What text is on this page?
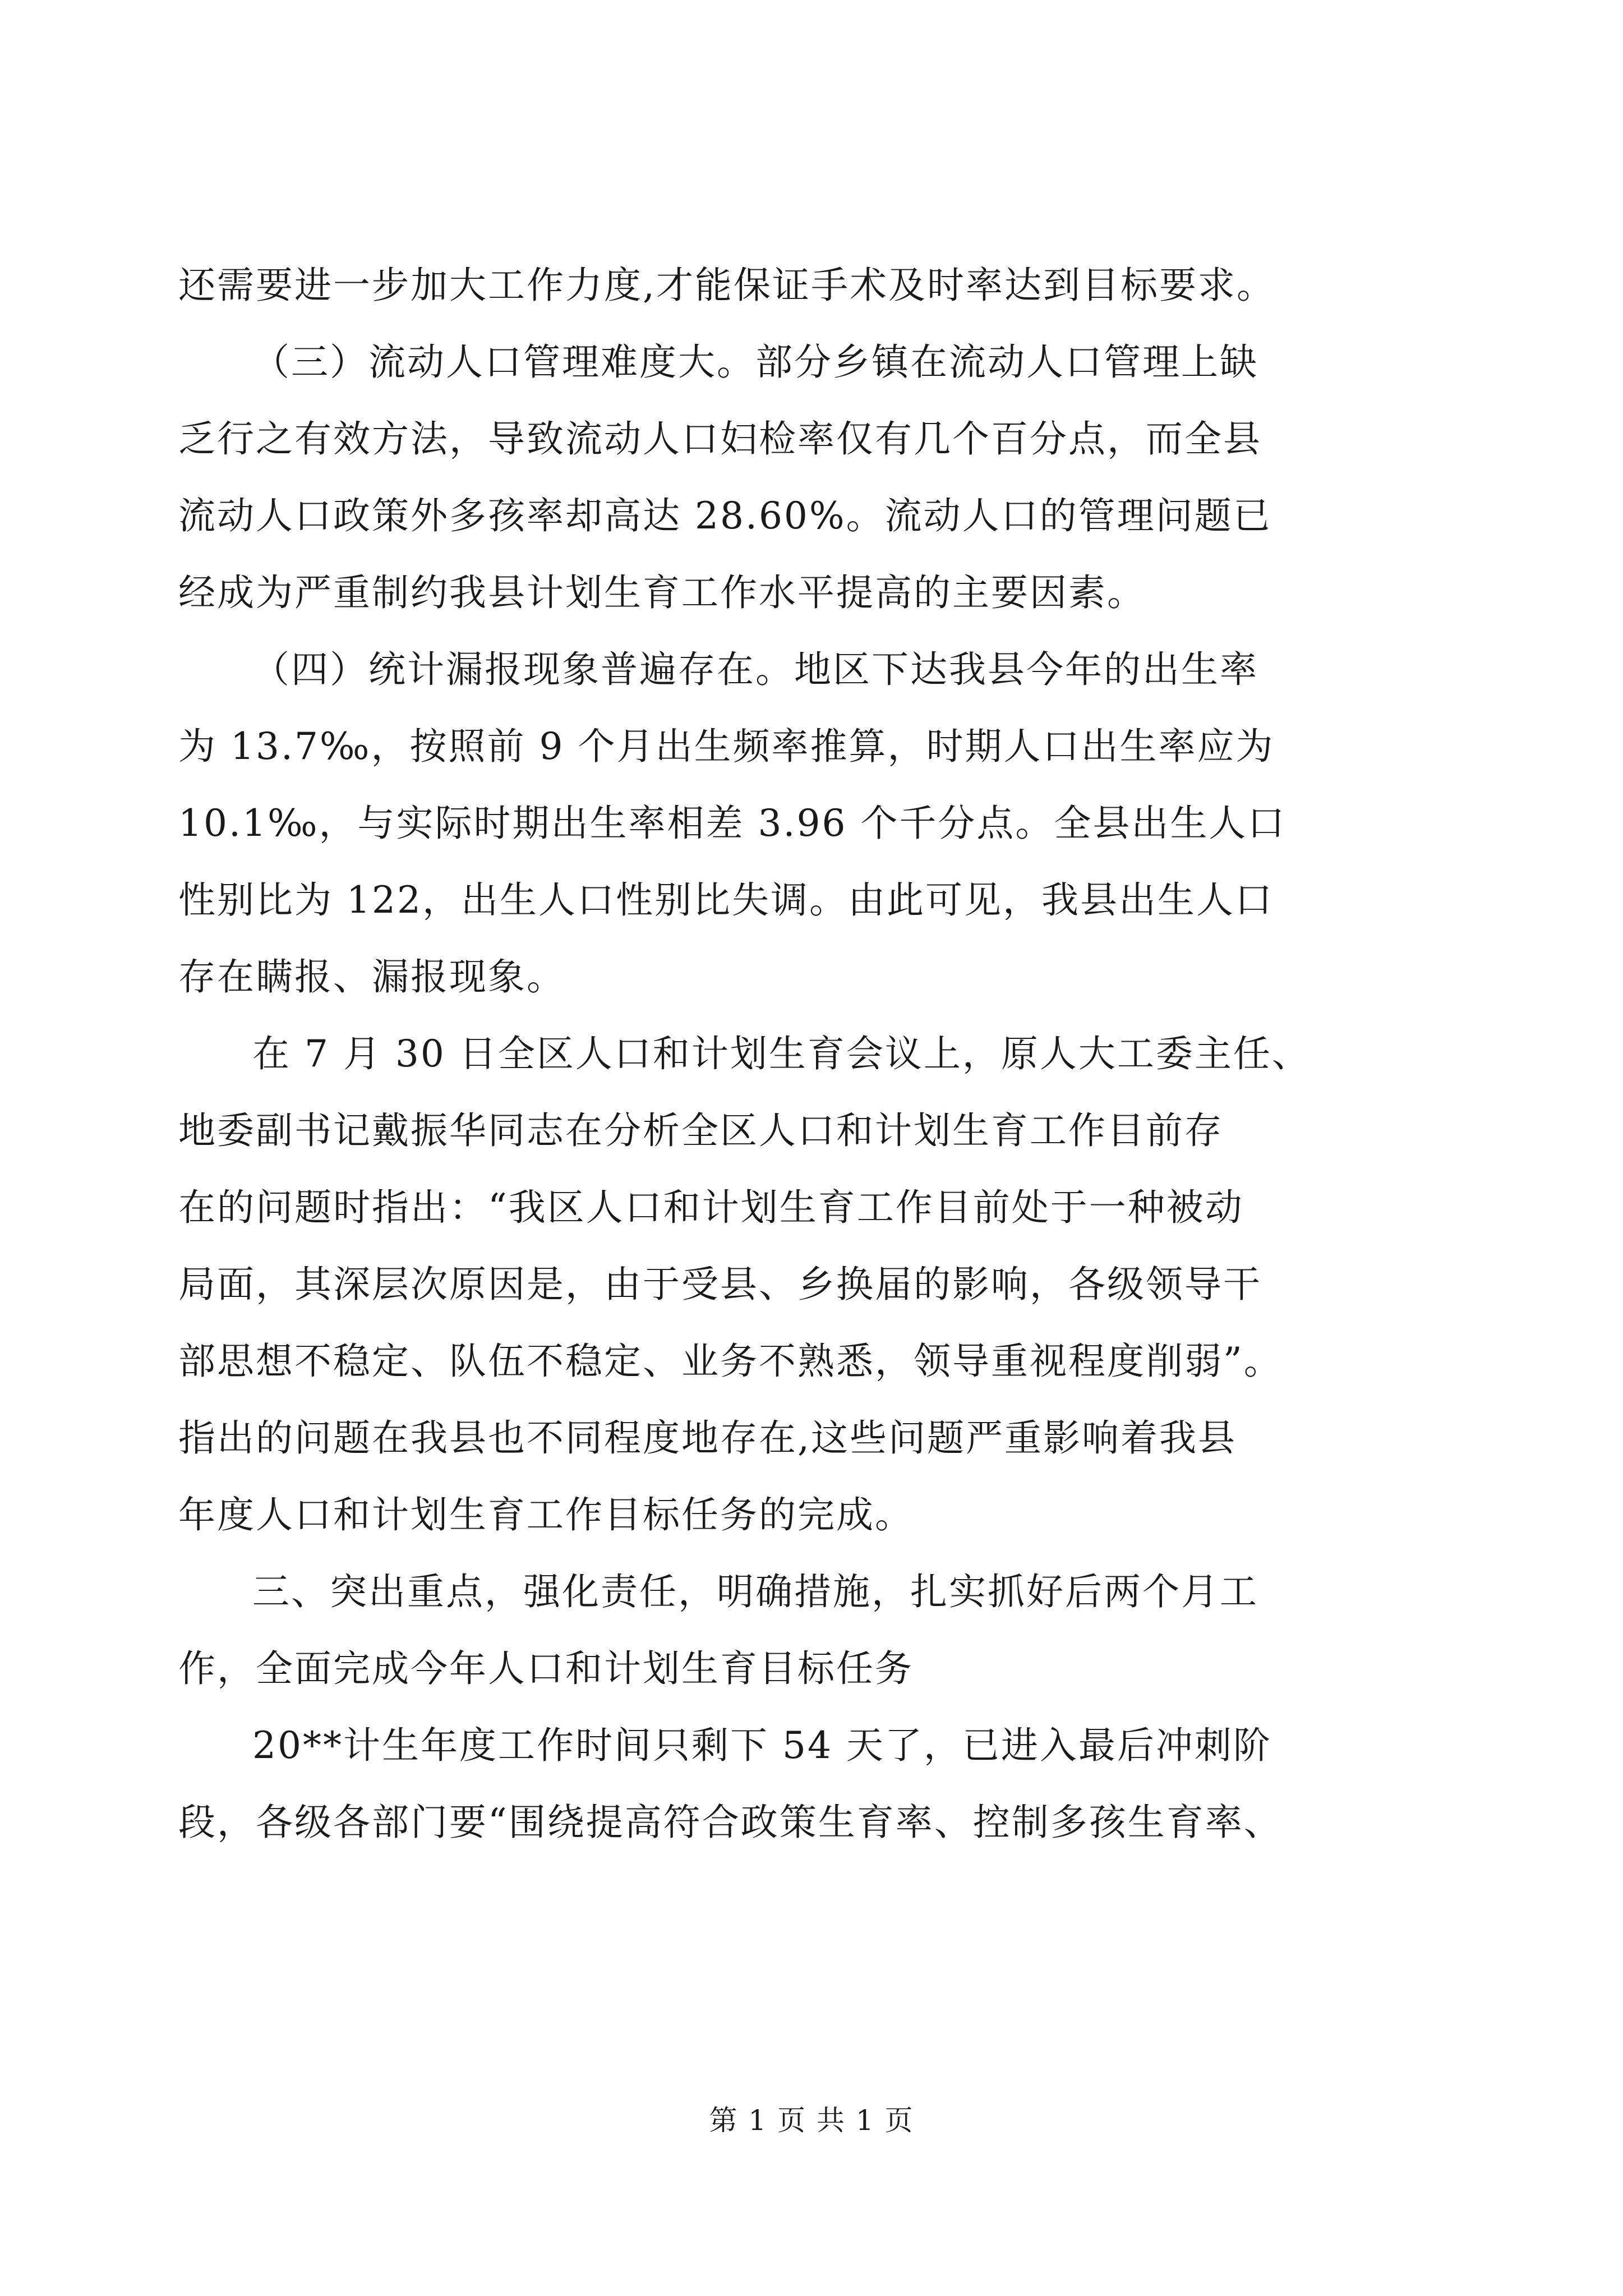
还需要进一步加大工作力度,才能保证手术及时率达到目标要求。
（三）流动人口管理难度大。部分乡镇在流动人口管理上缺
乏行之有效方法，导致流动人口妇检率仅有几个百分点，而全县
流动人口政策外多孩率却高达 28.60%。流动人口的管理问题已
经成为严重制约我县计划生育工作水平提高的主要因素。
（四）统计漏报现象普遍存在。地区下达我县今年的出生率
为 13.7‰，按照前 9 个月出生频率推算，时期人口出生率应为
10.1‰，与实际时期出生率相差 3.96 个千分点。全县出生人口
性别比为 122，出生人口性别比失调。由此可见，我县出生人口
存在瞒报、漏报现象。
在 7 月 30 日全区人口和计划生育会议上，原人大工委主任、
地委副书记戴振华同志在分析全区人口和计划生育工作目前存
在的问题时指出：“我区人口和计划生育工作目前处于一种被动
局面，其深层次原因是，由于受县、乡换届的影响，各级领导干
部思想不稳定、队伍不稳定、业务不熟悉，领导重视程度削弱”。
指出的问题在我县也不同程度地存在,这些问题严重影响着我县
年度人口和计划生育工作目标任务的完成。
三、突出重点，强化责任，明确措施，扎实抓好后两个月工
作，全面完成今年人口和计划生育目标任务
20**计生年度工作时间只剩下 54 天了，已进入最后冲刺阶
段，各级各部门要“围绕提高符合政策生育率、控制多孩生育率、
第 1 页 共 1 页
